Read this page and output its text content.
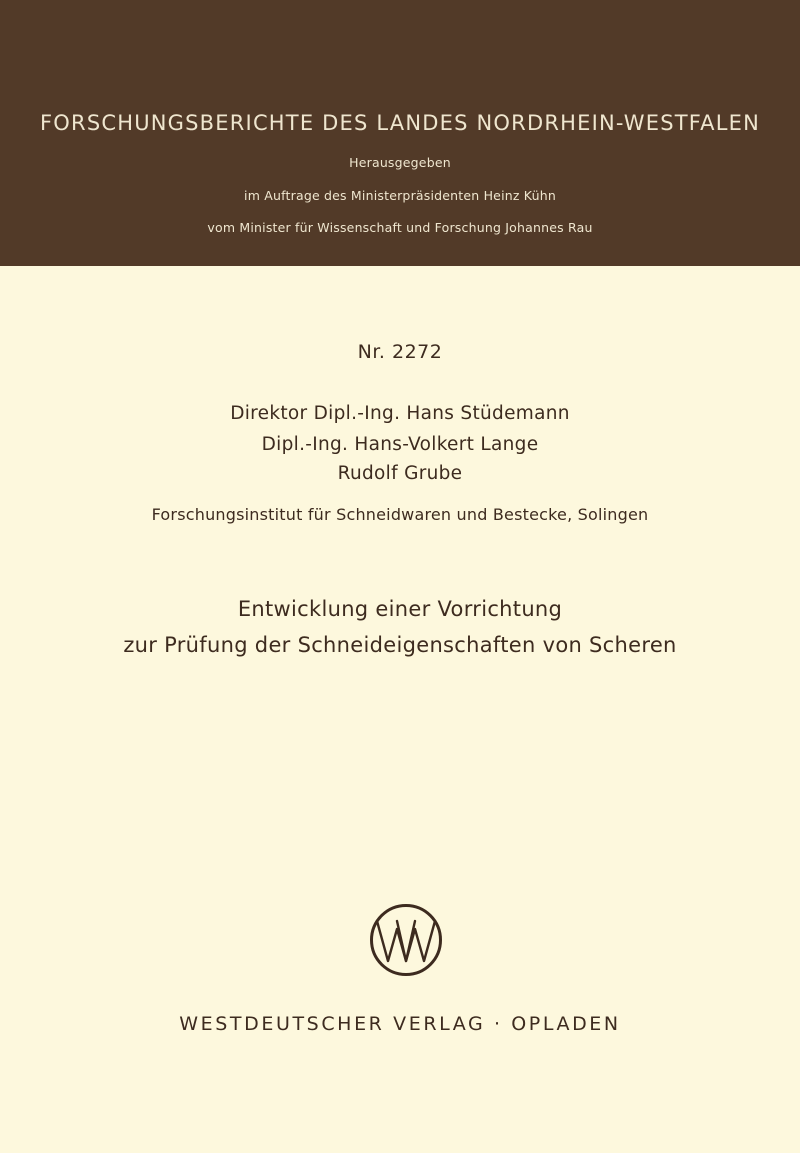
FORSCHUNGSBERICHTE DES LANDES NORDRHEIN-WESTFALEN
Herausgegeben
im Auftrage des Ministerpräsidenten Heinz Kühn
vom Minister für Wissenschaft und Forschung Johannes Rau
Nr. 2272
Direktor Dipl.-Ing. Hans Stüdemann
Dipl.-Ing. Hans-Volkert Lange
Rudolf Grube
Forschungsinstitut für Schneidwaren und Bestecke, Solingen
Entwicklung einer Vorrichtung
zur Prüfung der Schneideigenschaften von Scheren
WESTDEUTSCHER VERLAG · OPLADEN
